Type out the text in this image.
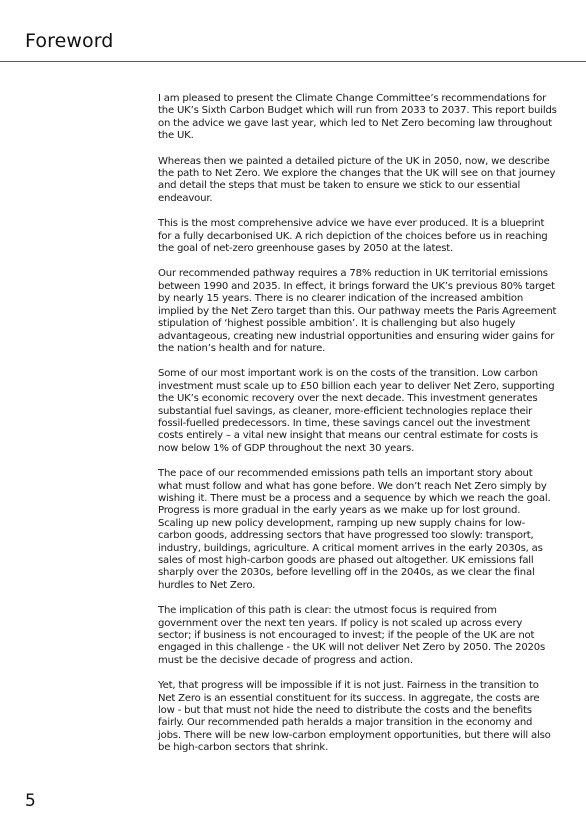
Foreword

I am pleased to present the Climate Change Committee’s recommendations for the UK’s Sixth Carbon Budget which will run from 2033 to 2037. This report builds on the advice we gave last year, which led to Net Zero becoming law throughout the UK.

Whereas then we painted a detailed picture of the UK in 2050, now, we describe the path to Net Zero. We explore the changes that the UK will see on that journey and detail the steps that must be taken to ensure we stick to our essential endeavour.

This is the most comprehensive advice we have ever produced. It is a blueprint for a fully decarbonised UK. A rich depiction of the choices before us in reaching the goal of net-zero greenhouse gases by 2050 at the latest.

Our recommended pathway requires a 78% reduction in UK territorial emissions between 1990 and 2035. In effect, it brings forward the UK’s previous 80% target by nearly 15 years. There is no clearer indication of the increased ambition implied by the Net Zero target than this. Our pathway meets the Paris Agreement stipulation of ‘highest possible ambition’. It is challenging but also hugely advantageous, creating new industrial opportunities and ensuring wider gains for the nation’s health and for nature.

Some of our most important work is on the costs of the transition. Low carbon investment must scale up to £50 billion each year to deliver Net Zero, supporting the UK’s economic recovery over the next decade. This investment generates substantial fuel savings, as cleaner, more-efficient technologies replace their fossil-fuelled predecessors. In time, these savings cancel out the investment costs entirely – a vital new insight that means our central estimate for costs is now below 1% of GDP throughout the next 30 years.

The pace of our recommended emissions path tells an important story about what must follow and what has gone before. We don’t reach Net Zero simply by wishing it. There must be a process and a sequence by which we reach the goal. Progress is more gradual in the early years as we make up for lost ground. Scaling up new policy development, ramping up new supply chains for low-carbon goods, addressing sectors that have progressed too slowly: transport, industry, buildings, agriculture. A critical moment arrives in the early 2030s, as sales of most high-carbon goods are phased out altogether. UK emissions fall sharply over the 2030s, before levelling off in the 2040s, as we clear the final hurdles to Net Zero.

The implication of this path is clear: the utmost focus is required from government over the next ten years. If policy is not scaled up across every sector; if business is not encouraged to invest; if the people of the UK are not engaged in this challenge - the UK will not deliver Net Zero by 2050. The 2020s must be the decisive decade of progress and action.

Yet, that progress will be impossible if it is not just. Fairness in the transition to Net Zero is an essential constituent for its success. In aggregate, the costs are low - but that must not hide the need to distribute the costs and the benefits fairly. Our recommended path heralds a major transition in the economy and jobs. There will be new low-carbon employment opportunities, but there will also be high-carbon sectors that shrink.

5
